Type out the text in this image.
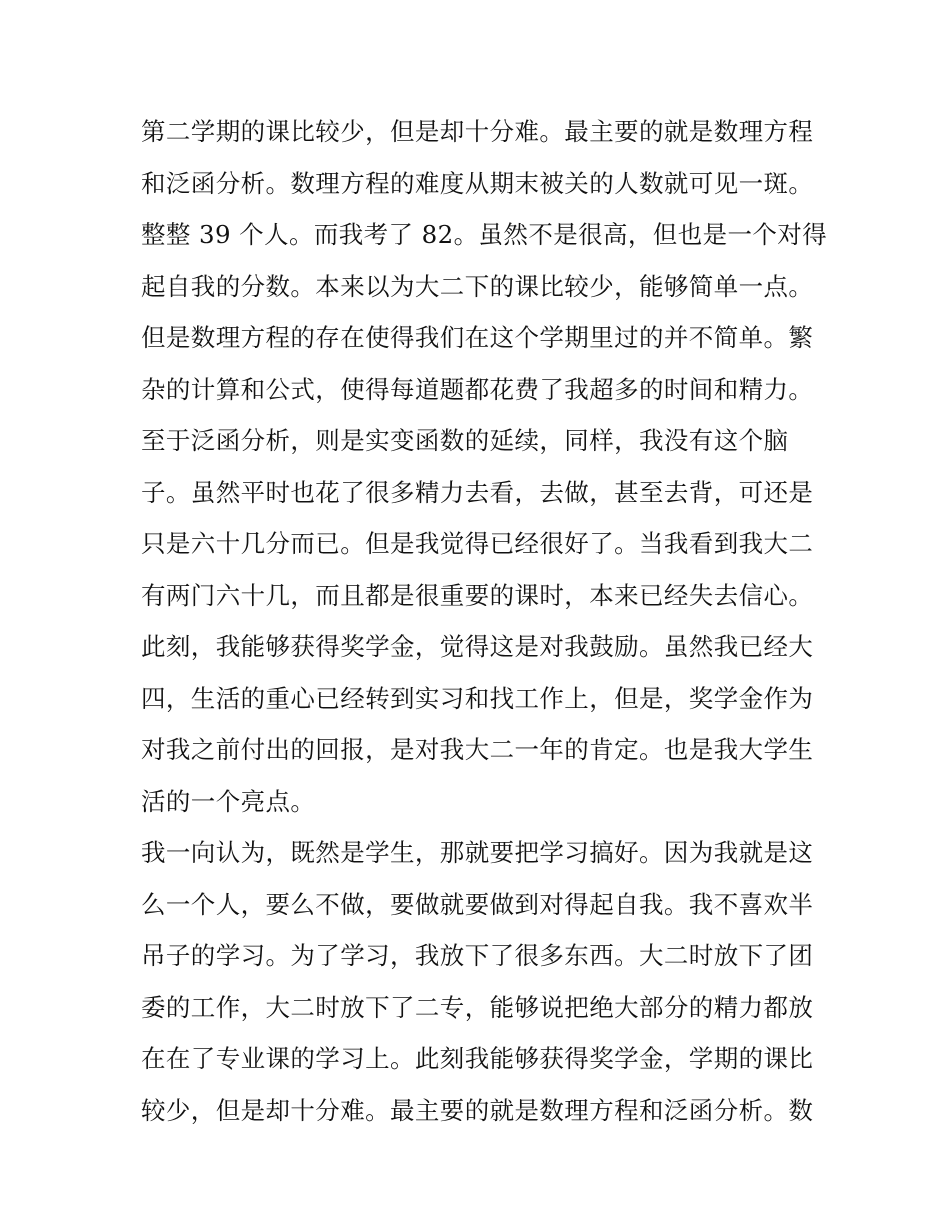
第二学期的课比较少，但是却十分难。最主要的就是数理方程
和泛函分析。数理方程的难度从期末被关的人数就可见一斑。
整整 39 个人。而我考了 82。虽然不是很高，但也是一个对得
起自我的分数。本来以为大二下的课比较少，能够简单一点。
但是数理方程的存在使得我们在这个学期里过的并不简单。繁
杂的计算和公式，使得每道题都花费了我超多的时间和精力。
至于泛函分析，则是实变函数的延续，同样，我没有这个脑
子。虽然平时也花了很多精力去看，去做，甚至去背，可还是
只是六十几分而已。但是我觉得已经很好了。当我看到我大二
有两门六十几，而且都是很重要的课时，本来已经失去信心。
此刻，我能够获得奖学金，觉得这是对我鼓励。虽然我已经大
四，生活的重心已经转到实习和找工作上，但是，奖学金作为
对我之前付出的回报，是对我大二一年的肯定。也是我大学生
活的一个亮点。
我一向认为，既然是学生，那就要把学习搞好。因为我就是这
么一个人，要么不做，要做就要做到对得起自我。我不喜欢半
吊子的学习。为了学习，我放下了很多东西。大二时放下了团
委的工作，大二时放下了二专，能够说把绝大部分的精力都放
在在了专业课的学习上。此刻我能够获得奖学金，学期的课比
较少，但是却十分难。最主要的就是数理方程和泛函分析。数
